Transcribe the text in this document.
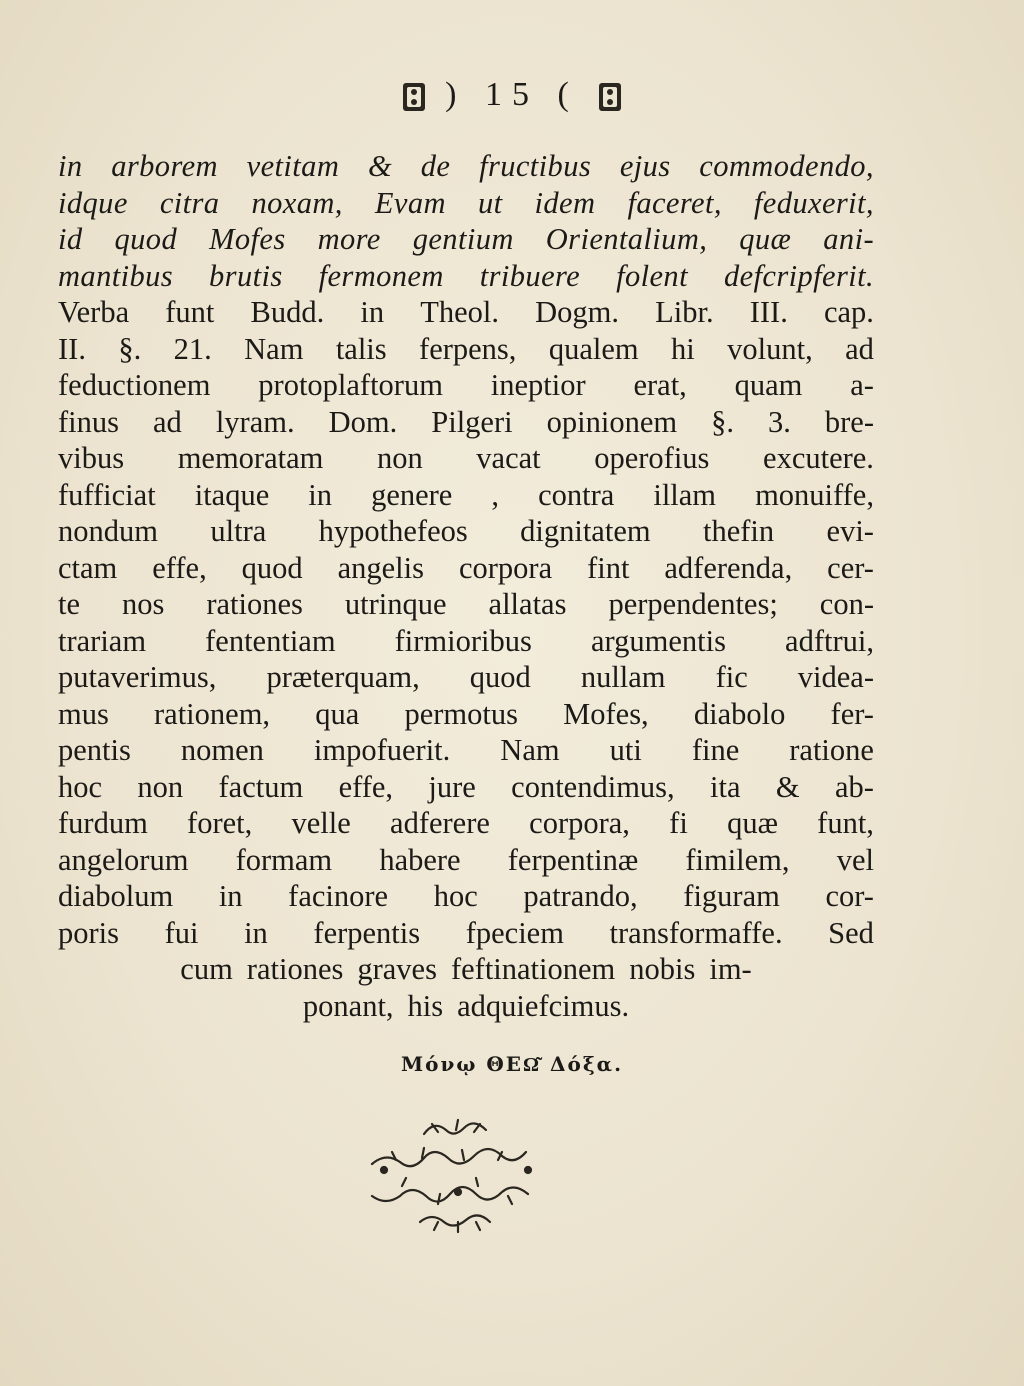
) 15 (
in arborem vetitam & de fructibus ejus commodendo,
idque citra noxam, Evam ut idem faceret, feduxerit,
id quod Mofes more gentium Orientalium, quæ ani-
mantibus brutis fermonem tribuere folent defcripferit.
Verba funt Budd. in Theol. Dogm. Libr. III. cap.
II. §. 21. Nam talis ferpens, qualem hi volunt, ad
feductionem protoplaftorum ineptior erat, quam a-
finus ad lyram. Dom. Pilgeri opinionem §. 3. bre-
vibus memoratam non vacat operofius excutere.
fufficiat itaque in genere , contra illam monuiffe,
nondum ultra hypothefeos dignitatem thefin evi-
ctam effe, quod angelis corpora fint adferenda, cer-
te nos rationes utrinque allatas perpendentes; con-
trariam fententiam firmioribus argumentis adftrui,
putaverimus, præterquam, quod nullam fic videa-
mus rationem, qua permotus Mofes, diabolo fer-
pentis nomen impofuerit. Nam uti fine ratione
hoc non factum effe, jure contendimus, ita & ab-
furdum foret, velle adferere corpora, fi quæ funt,
angelorum formam habere ferpentinæ fimilem, vel
diabolum in facinore hoc patrando, figuram cor-
poris fui in ferpentis fpeciem transformaffe. Sed
cum rationes graves feftinationem nobis im-
ponant, his adquiefcimus.
Μόνῳ ΘΕΩ͂ Δόξα.
